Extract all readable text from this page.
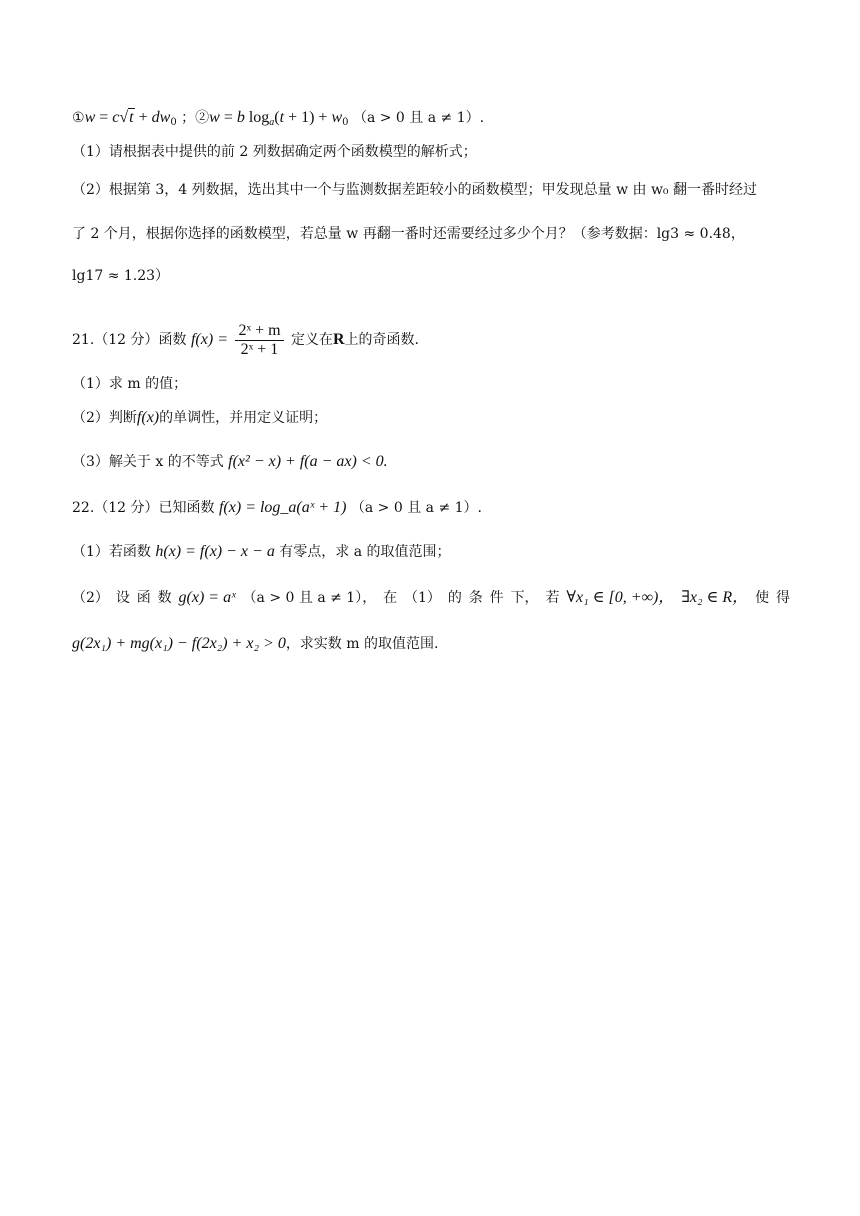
①w = $c√t + dw_0$ ；②w = b $\log_a(t + 1) + w_0$ （a > 0 且 a ≠ 1）.
（1）请根据表中提供的前 2 列数据确定两个函数模型的解析式；
（2）根据第 3，4 列数据，选出其中一个与监测数据差距较小的函数模型；甲发现总量 w 由 w₀ 翻一番时经过
了 2 个月，根据你选择的函数模型，若总量 w 再翻一番时还需要经过多少个月？（参考数据：lg3 ≈ 0.48，
lg17 ≈ 1.23）
21.（12 分）函数 $f(x) = \frac{\text{2ˣ + m}}{\text{2ˣ + 1}}$ 定义在R上的奇函数.
（1）求 m 的值；
（2）判断f(x)的单调性，并用定义证明；
（3）解关于 x 的不等式 f(x² − x) + f(a − ax) < 0.
22.（12 分）已知函数 f(x) = log_a(aˣ + 1) （a > 0 且 a ≠ 1）.
（1）若函数 h(x) = f(x) − x − a 有零点，求 a 的取值范围；
（2） 设 函 数 g(x) = aˣ （a > 0 且 a ≠ 1）， 在 （1） 的 条 件 下， 若 ∀x₁ ∈ [0, +∞)， ∃x₂ ∈ R， 使 得
g(2x₁) + mg(x₁) − f(2x₂) + x₂ > 0，求实数 m 的取值范围.
